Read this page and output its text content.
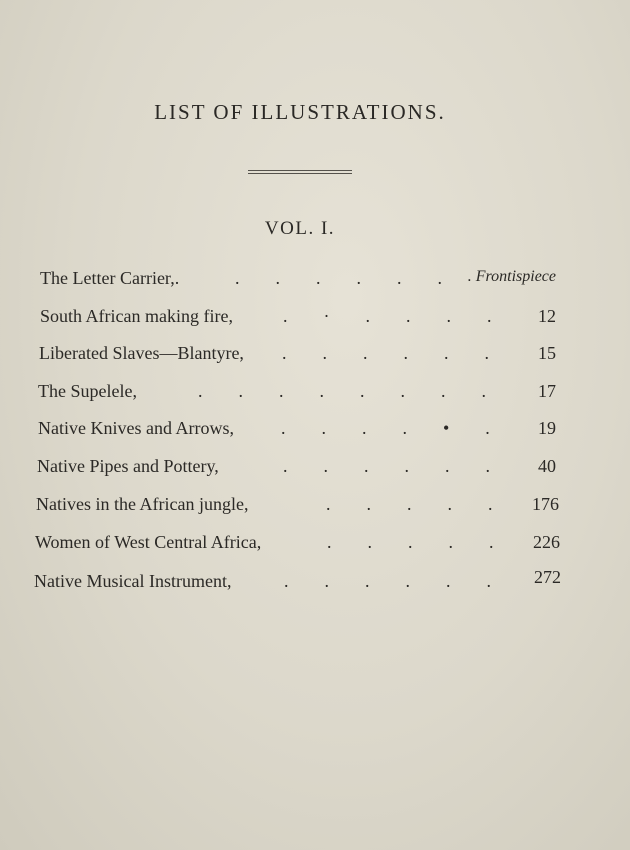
LIST OF ILLUSTRATIONS.
VOL. I.
The Letter Carrier,.	.        .        .        .        .        . . Frontispiece
South African making fire,	.        ·        .        .        .        .	12
Liberated Slaves—Blantyre, .        .        .        .        .        .	15
The Supelele,	.        .        .        .        .        .        .        .	17
Native Knives and Arrows,	.        .        .        .        •        .	19
Native Pipes and Pottery,	.        .        .        .        .        .	40
Natives in the African jungle,	.        .        .        .        . 176
Women of West Central Africa,	.        .        .        .        . 226
Native Musical Instrument,	.        .        .        .        .        . 272
